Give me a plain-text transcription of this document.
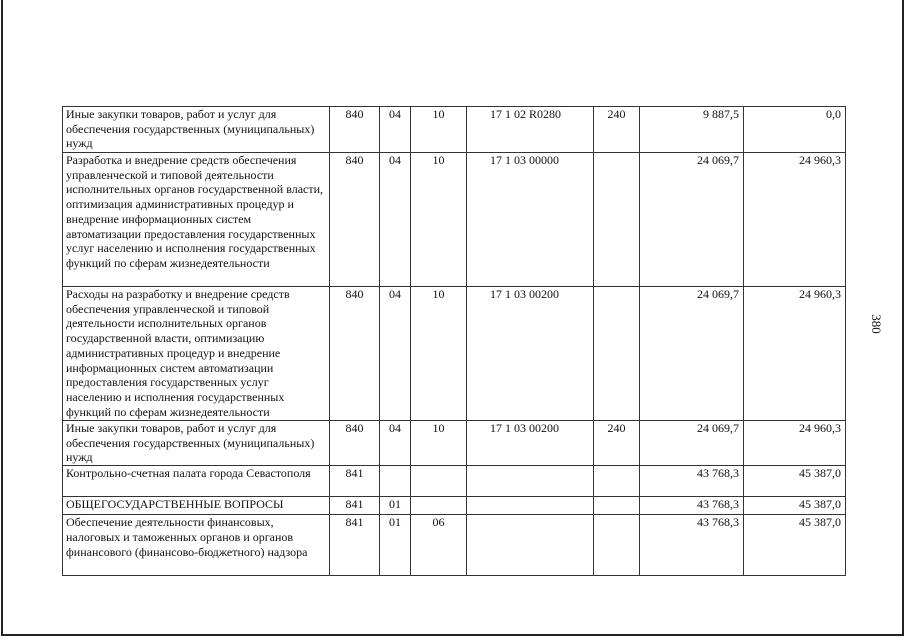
380
Иные закупки товаров, работ и услуг для обеспечения государственных (муниципальных) нужд	840	04	10	17 1 02 R0280	240	9 887,5	0,0
Разработка и внедрение средств обеспечения управленческой и типовой деятельности исполнительных органов государственной власти, оптимизация административных процедур и внедрение информационных систем автоматизации предоставления государственных услуг населению и исполнения государственных функций по сферам жизнедеятельности	840	04	10	17 1 03 00000		24 069,7	24 960,3
Расходы на разработку и внедрение средств обеспечения управленческой и типовой деятельности исполнительных органов государственной власти, оптимизацию административных процедур и внедрение информационных систем автоматизации предоставления государственных услуг населению и исполнения государственных функций по сферам жизнедеятельности	840	04	10	17 1 03 00200		24 069,7	24 960,3
Иные закупки товаров, работ и услуг для обеспечения государственных (муниципальных) нужд	840	04	10	17 1 03 00200	240	24 069,7	24 960,3
Контрольно-счетная палата города Севастополя	841					43 768,3	45 387,0
ОБЩЕГОСУДАРСТВЕННЫЕ ВОПРОСЫ	841	01				43 768,3	45 387,0
Обеспечение деятельности финансовых, налоговых и таможенных органов и органов финансового (финансово-бюджетного) надзора	841	01	06			43 768,3	45 387,0
